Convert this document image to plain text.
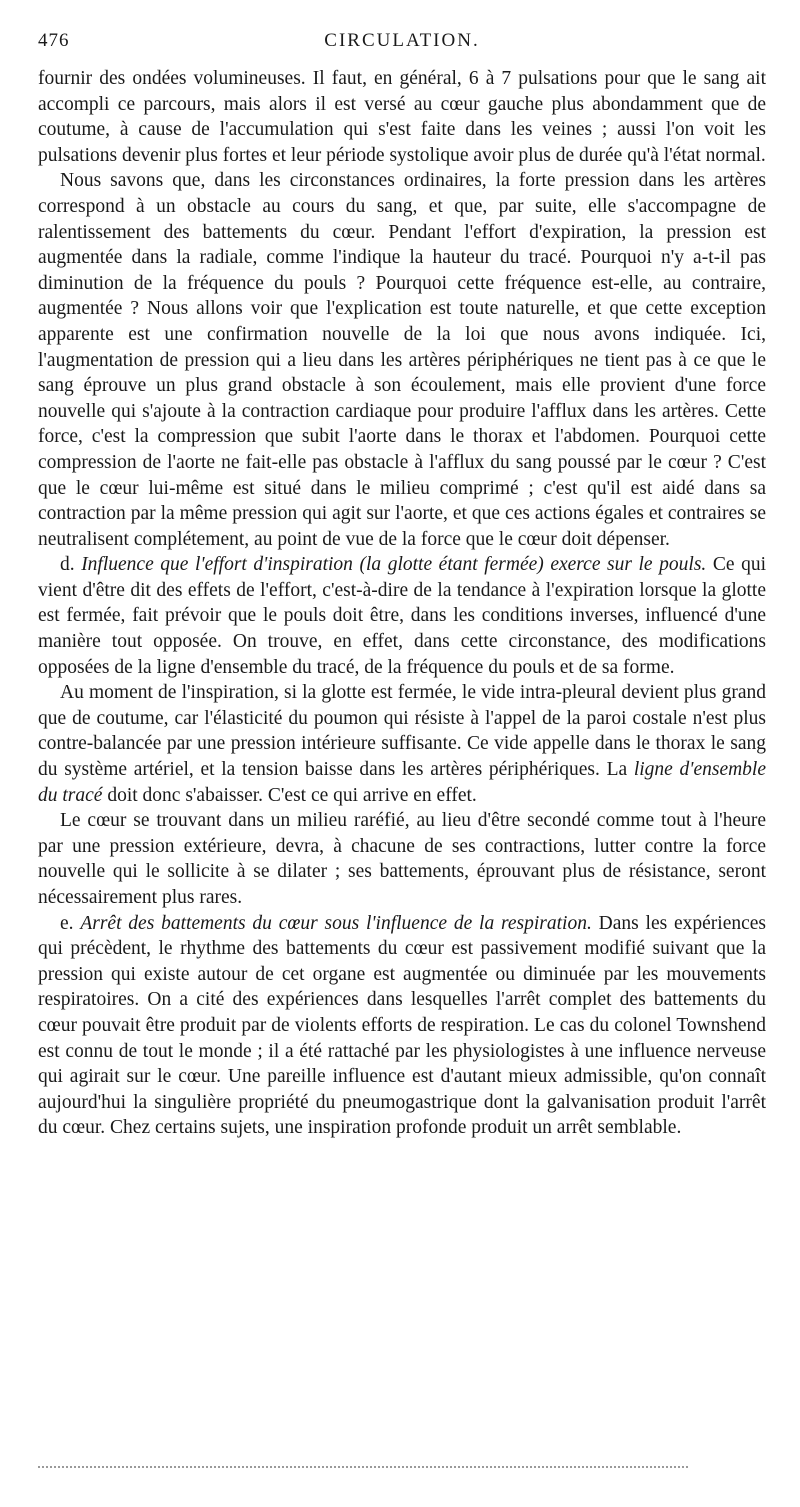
476	CIRCULATION.

fournir des ondées volumineuses. Il faut, en général, 6 à 7 pulsations pour que le sang ait accompli ce parcours, mais alors il est versé au cœur gauche plus abondamment que de coutume, à cause de l'accumulation qui s'est faite dans les veines ; aussi l'on voit les pulsations devenir plus fortes et leur période systolique avoir plus de durée qu'à l'état normal.

Nous savons que, dans les circonstances ordinaires, la forte pression dans les artères correspond à un obstacle au cours du sang, et que, par suite, elle s'accompagne de ralentissement des battements du cœur. Pendant l'effort d'expiration, la pression est augmentée dans la radiale, comme l'indique la hauteur du tracé. Pourquoi n'y a-t-il pas diminution de la fréquence du pouls ? Pourquoi cette fréquence est-elle, au contraire, augmentée ? Nous allons voir que l'explication est toute naturelle, et que cette exception apparente est une confirmation nouvelle de la loi que nous avons indiquée. Ici, l'augmentation de pression qui a lieu dans les artères périphériques ne tient pas à ce que le sang éprouve un plus grand obstacle à son écoulement, mais elle provient d'une force nouvelle qui s'ajoute à la contraction cardiaque pour produire l'afflux dans les artères. Cette force, c'est la compression que subit l'aorte dans le thorax et l'abdomen. Pourquoi cette compression de l'aorte ne fait-elle pas obstacle à l'afflux du sang poussé par le cœur ? C'est que le cœur lui-même est situé dans le milieu comprimé ; c'est qu'il est aidé dans sa contraction par la même pression qui agit sur l'aorte, et que ces actions égales et contraires se neutralisent complétement, au point de vue de la force que le cœur doit dépenser.

d. Influence que l'effort d'inspiration (la glotte étant fermée) exerce sur le pouls. Ce qui vient d'être dit des effets de l'effort, c'est-à-dire de la tendance à l'expiration lorsque la glotte est fermée, fait prévoir que le pouls doit être, dans les conditions inverses, influencé d'une manière tout opposée. On trouve, en effet, dans cette circonstance, des modifications opposées de la ligne d'ensemble du tracé, de la fréquence du pouls et de sa forme.

Au moment de l'inspiration, si la glotte est fermée, le vide intra-pleural devient plus grand que de coutume, car l'élasticité du poumon qui résiste à l'appel de la paroi costale n'est plus contre-balancée par une pression intérieure suffisante. Ce vide appelle dans le thorax le sang du système artériel, et la tension baisse dans les artères périphériques. La ligne d'ensemble du tracé doit donc s'abaisser. C'est ce qui arrive en effet.

Le cœur se trouvant dans un milieu raréfié, au lieu d'être secondé comme tout à l'heure par une pression extérieure, devra, à chacune de ses contractions, lutter contre la force nouvelle qui le sollicite à se dilater ; ses battements, éprouvant plus de résistance, seront nécessairement plus rares.

e. Arrêt des battements du cœur sous l'influence de la respiration. Dans les expériences qui précèdent, le rhythme des battements du cœur est passivement modifié suivant que la pression qui existe autour de cet organe est augmentée ou diminuée par les mouvements respiratoires. On a cité des expériences dans lesquelles l'arrêt complet des battements du cœur pouvait être produit par de violents efforts de respiration. Le cas du colonel Townshend est connu de tout le monde ; il a été rattaché par les physiologistes à une influence nerveuse qui agirait sur le cœur. Une pareille influence est d'autant mieux admissible, qu'on connaît aujourd'hui la singulière propriété du pneumogastrique dont la galvanisation produit l'arrêt du cœur. Chez certains sujets, une inspiration profonde produit un arrêt semblable.
